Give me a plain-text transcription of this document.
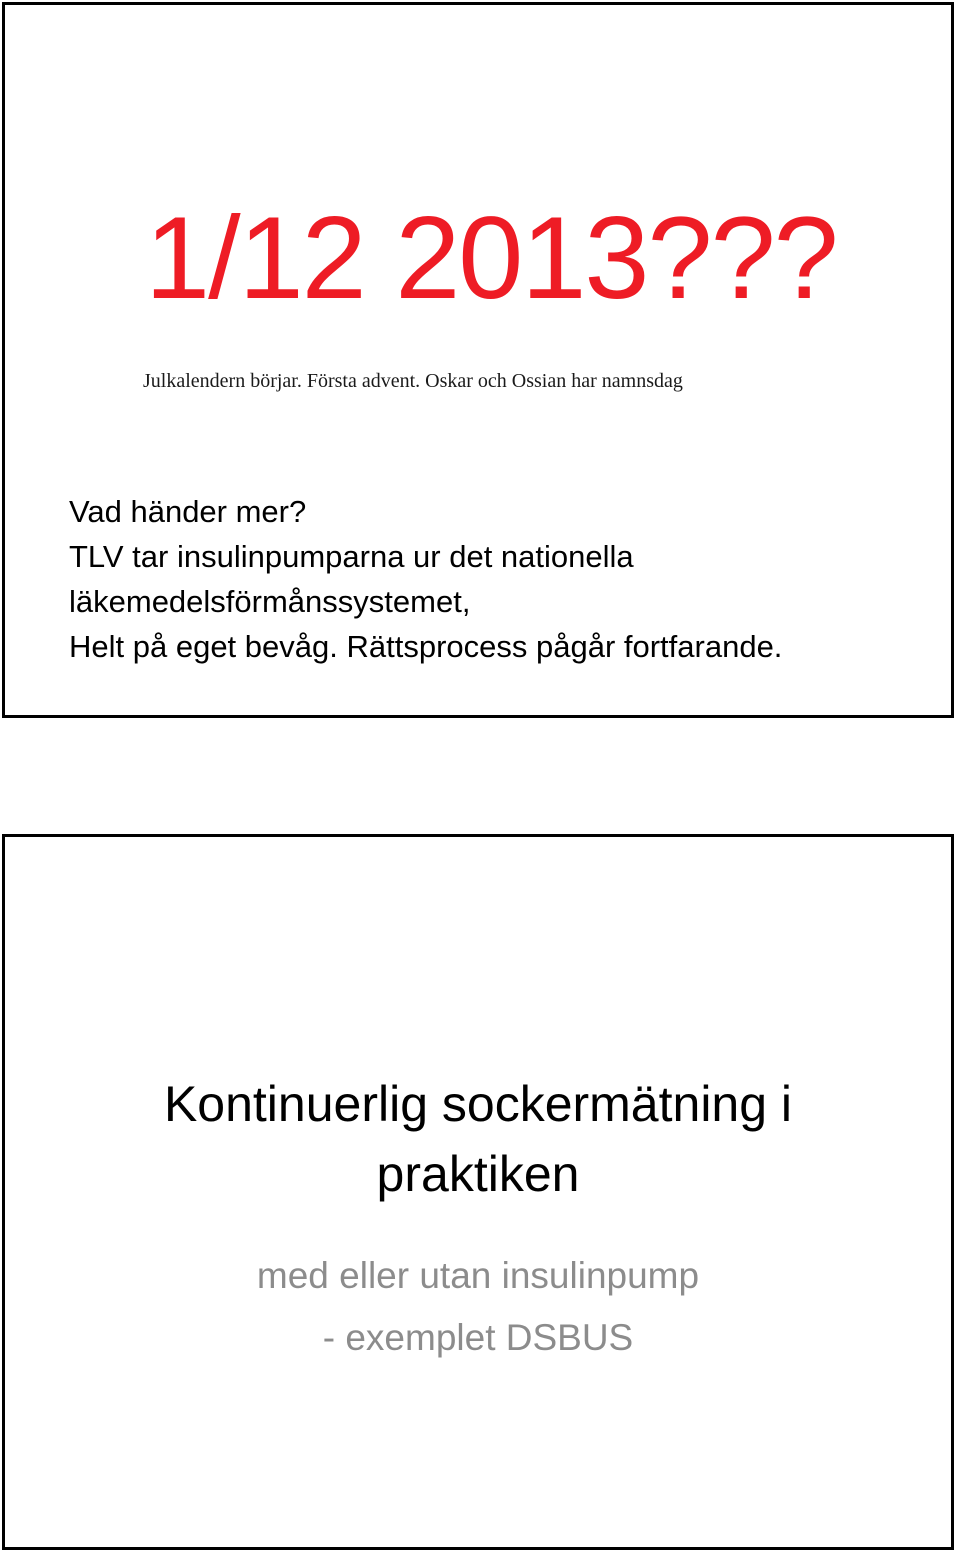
1/12 2013???

Julkalendern börjar. Första advent. Oskar och Ossian har namnsdag

Vad händer mer?
TLV tar insulinpumparna ur det nationella
läkemedelsförmånssystemet,
Helt på eget bevåg. Rättsprocess pågår fortfarande.
Kontinuerlig sockermätning i
praktiken
med eller utan insulinpump
- exemplet DSBUS
